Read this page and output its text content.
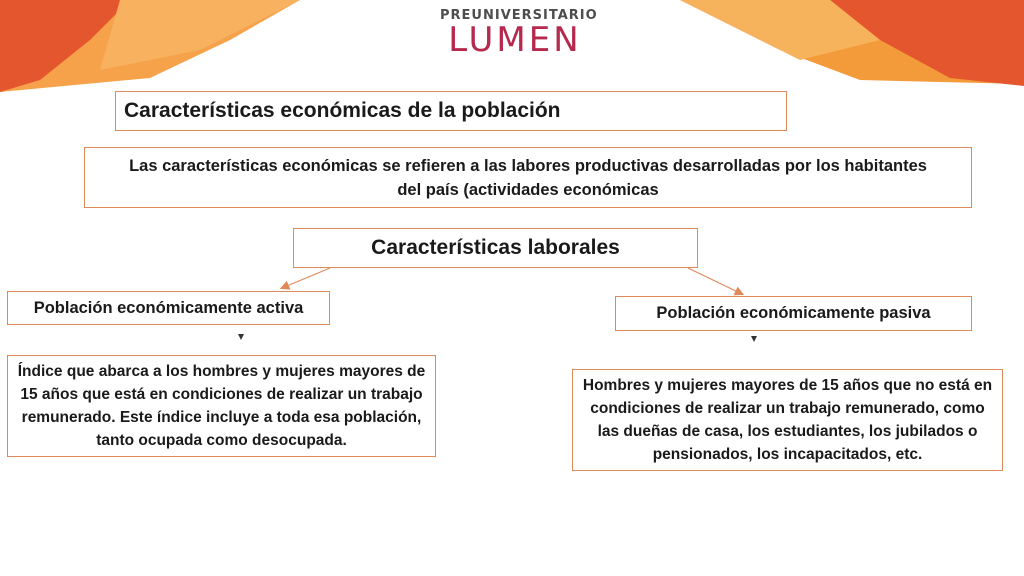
PREUNIVERSITARIO
LUMEN
Características económicas de la población
Las características económicas se refieren a las labores productivas desarrolladas por los habitantes del país (actividades económicas
Características laborales
Población económicamente activa
Índice que abarca a los hombres y mujeres mayores de 15 años que está en condiciones de realizar un trabajo remunerado. Este índice incluye a toda esa población, tanto ocupada como desocupada.
Población económicamente pasiva
Hombres y mujeres mayores de 15 años que no está en condiciones de realizar un trabajo remunerado, como las dueñas de casa, los estudiantes, los jubilados o pensionados, los incapacitados, etc.
